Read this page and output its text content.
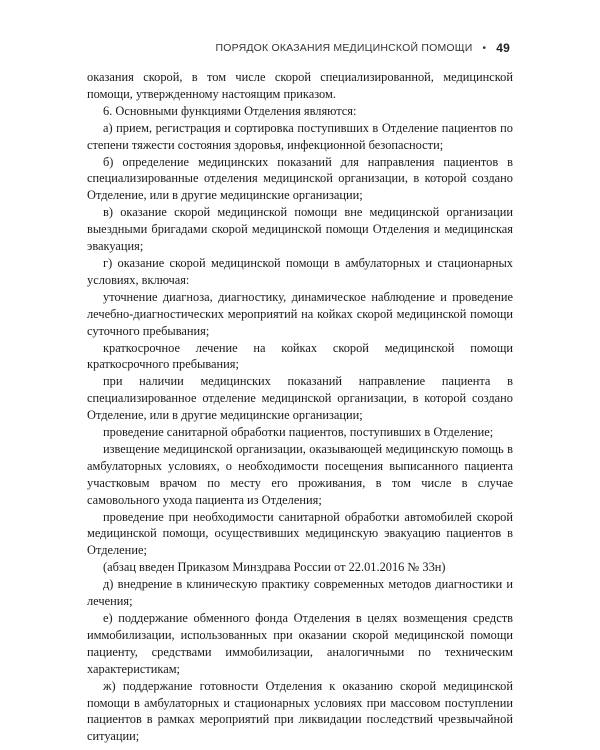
ПОРЯДОК ОКАЗАНИЯ МЕДИЦИНСКОЙ ПОМОЩИ • 49

оказания скорой, в том числе скорой специализированной, медицинской помощи, утвержденному настоящим приказом.

6. Основными функциями Отделения являются:

а) прием, регистрация и сортировка поступивших в Отделение пациентов по степени тяжести состояния здоровья, инфекционной безопасности;

б) определение медицинских показаний для направления пациентов в специализированные отделения медицинской организации, в которой создано Отделение, или в другие медицинские организации;

в) оказание скорой медицинской помощи вне медицинской организации выездными бригадами скорой медицинской помощи Отделения и медицинская эвакуация;

г) оказание скорой медицинской помощи в амбулаторных и стационарных условиях, включая:

уточнение диагноза, диагностику, динамическое наблюдение и проведение лечебно-диагностических мероприятий на койках скорой медицинской помощи суточного пребывания;

краткосрочное лечение на койках скорой медицинской помощи краткосрочного пребывания;

при наличии медицинских показаний направление пациента в специализированное отделение медицинской организации, в которой создано Отделение, или в другие медицинские организации;

проведение санитарной обработки пациентов, поступивших в Отделение;

извещение медицинской организации, оказывающей медицинскую помощь в амбулаторных условиях, о необходимости посещения выписанного пациента участковым врачом по месту его проживания, в том числе в случае самовольного ухода пациента из Отделения;

проведение при необходимости санитарной обработки автомобилей скорой медицинской помощи, осуществивших медицинскую эвакуацию пациентов в Отделение;

(абзац введен Приказом Минздрава России от 22.01.2016 № 33н)

д) внедрение в клиническую практику современных методов диагностики и лечения;

е) поддержание обменного фонда Отделения в целях возмещения средств иммобилизации, использованных при оказании скорой медицинской помощи пациенту, средствами иммобилизации, аналогичными по техническим характеристикам;

ж) поддержание готовности Отделения к оказанию скорой медицинской помощи в амбулаторных и стационарных условиях при массовом поступлении пациентов в рамках мероприятий при ликвидации последствий чрезвычайной ситуации;
